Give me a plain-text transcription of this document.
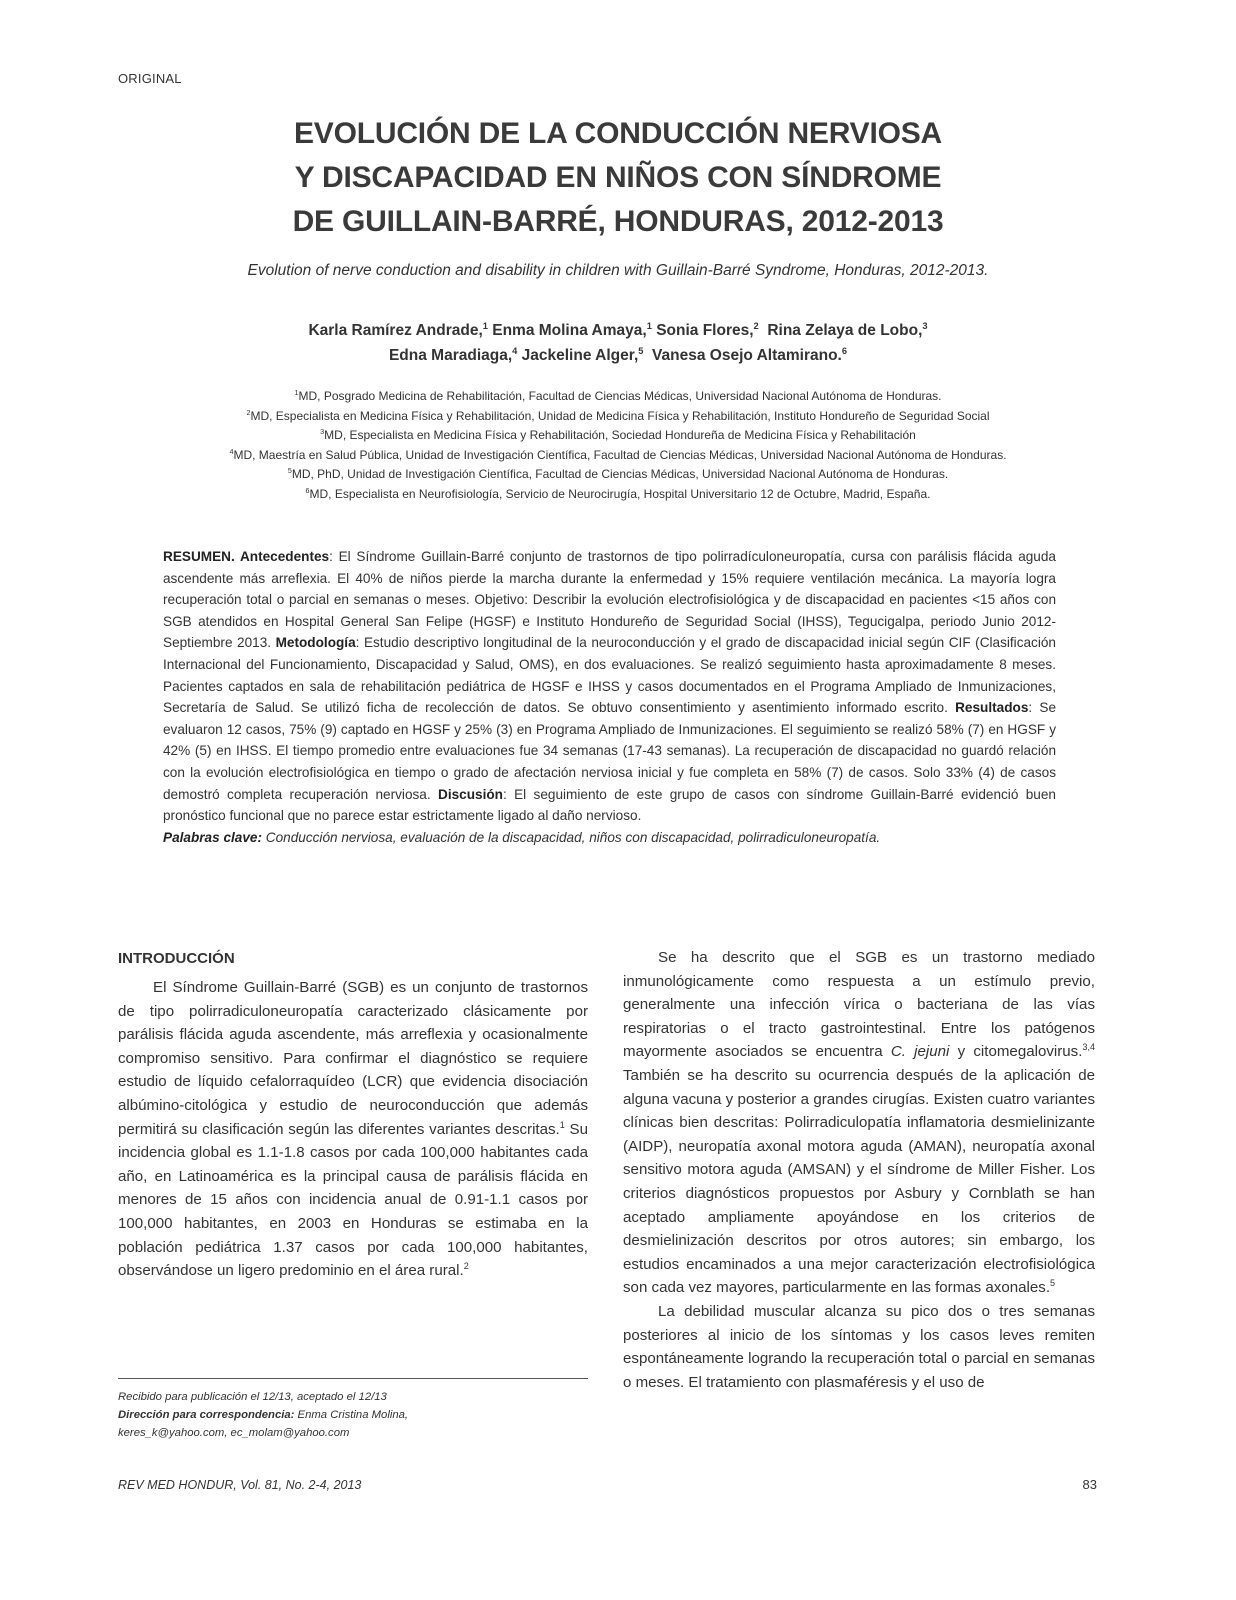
ORIGINAL
EVOLUCIÓN DE LA CONDUCCIÓN NERVIOSA
Y DISCAPACIDAD EN NIÑOS CON SÍNDROME
DE GUILLAIN-BARRÉ, HONDURAS, 2012-2013
Evolution of nerve conduction and disability in children with Guillain-Barré Syndrome, Honduras, 2012-2013.
Karla Ramírez Andrade,$^1$ Enma Molina Amaya,$^1$ Sonia Flores,$^2$ Rina Zelaya de Lobo,$^3$
Edna Maradiaga,$^4$ Jackeline Alger,$^5$ Vanesa Osejo Altamirano.$^6$
$^1$MD, Posgrado Medicina de Rehabilitación, Facultad de Ciencias Médicas, Universidad Nacional Autónoma de Honduras.
$^2$MD, Especialista en Medicina Física y Rehabilitación, Unidad de Medicina Física y Rehabilitación, Instituto Hondureño de Seguridad Social
$^3$MD, Especialista en Medicina Física y Rehabilitación, Sociedad Hondureña de Medicina Física y Rehabilitación
$^4$MD, Maestría en Salud Pública, Unidad de Investigación Científica, Facultad de Ciencias Médicas, Universidad Nacional Autónoma de Honduras.
$^5$MD, PhD, Unidad de Investigación Científica, Facultad de Ciencias Médicas, Universidad Nacional Autónoma de Honduras.
$^6$MD, Especialista en Neurofisiología, Servicio de Neurocirugía, Hospital Universitario 12 de Octubre, Madrid, España.

RESUMEN. Antecedentes: El Síndrome Guillain-Barré conjunto de trastornos de tipo polirradículoneuropatía, cursa con parálisis flácida aguda ascendente más arreflexia. El 40% de niños pierde la marcha durante la enfermedad y 15% requiere ventilación mecánica. La mayoría logra recuperación total o parcial en semanas o meses. Objetivo: Describir la evolución electrofisiológica y de discapacidad en pacientes <15 años con SGB atendidos en Hospital General San Felipe (HGSF) e Instituto Hondureño de Seguridad Social (IHSS), Tegucigalpa, periodo Junio 2012-Septiembre 2013. Metodología: Estudio descriptivo longitudinal de la neuroconducción y el grado de discapacidad inicial según CIF (Clasificación Internacional del Funcionamiento, Discapacidad y Salud, OMS), en dos evaluaciones. Se realizó seguimiento hasta aproximadamente 8 meses. Pacientes captados en sala de rehabilitación pediátrica de HGSF e IHSS y casos documentados en el Programa Ampliado de Inmunizaciones, Secretaría de Salud. Se utilizó ficha de recolección de datos. Se obtuvo consentimiento y asentimiento informado escrito. Resultados: Se evaluaron 12 casos, 75% (9) captado en HGSF y 25% (3) en Programa Ampliado de Inmunizaciones. El seguimiento se realizó 58% (7) en HGSF y 42% (5) en IHSS. El tiempo promedio entre evaluaciones fue 34 semanas (17-43 semanas). La recuperación de discapacidad no guardó relación con la evolución electrofisiológica en tiempo o grado de afectación nerviosa inicial y fue completa en 58% (7) de casos. Solo 33% (4) de casos demostró completa recuperación nerviosa. Discusión: El seguimiento de este grupo de casos con síndrome Guillain-Barré evidenció buen pronóstico funcional que no parece estar estrictamente ligado al daño nervioso.

Palabras clave: Conducción nerviosa, evaluación de la discapacidad, niños con discapacidad, polirradiculoneuropatía.

INTRODUCCIÓN

El Síndrome Guillain-Barré (SGB) es un conjunto de trastornos de tipo polirradiculoneuropatía caracterizado clásicamente por parálisis flácida aguda ascendente, más arreflexia y ocasionalmente compromiso sensitivo. Para confirmar el diagnóstico se requiere estudio de líquido cefalorraquídeo (LCR) que evidencia disociación albúmino-citológica y estudio de neuroconducción que además permitirá su clasificación según las diferentes variantes descritas.$^1$ Su incidencia global es 1.1-1.8 casos por cada 100,000 habitantes cada año, en Latinoamérica es la principal causa de parálisis flácida en menores de 15 años con incidencia anual de 0.91-1.1 casos por 100,000 habitantes, en 2003 en Honduras se estimaba en la población pediátrica 1.37 casos por cada 100,000 habitantes, observándose un ligero predominio en el área rural.$^2$

Se ha descrito que el SGB es un trastorno mediado inmunológicamente como respuesta a un estímulo previo, generalmente una infección vírica o bacteriana de las vías respiratorias o el tracto gastrointestinal. Entre los patógenos mayormente asociados se encuentra C. jejuni y citomegalovirus.$^{3,4}$ También se ha descrito su ocurrencia después de la aplicación de alguna vacuna y posterior a grandes cirugías. Existen cuatro variantes clínicas bien descritas: Polirradiculopatía inflamatoria desmielinizante (AIDP), neuropatía axonal motora aguda (AMAN), neuropatía axonal sensitivo motora aguda (AMSAN) y el síndrome de Miller Fisher. Los criterios diagnósticos propuestos por Asbury y Cornblath se han aceptado ampliamente apoyándose en los criterios de desmielinización descritos por otros autores; sin embargo, los estudios encaminados a una mejor caracterización electrofisiológica son cada vez mayores, particularmente en las formas axonales.$^5$

La debilidad muscular alcanza su pico dos o tres semanas posteriores al inicio de los síntomas y los casos leves remiten espontáneamente logrando la recuperación total o parcial en semanas o meses. El tratamiento con plasmaféresis y el uso de

Recibido para publicación el 12/13, aceptado el 12/13
Dirección para correspondencia: Enma Cristina Molina,
keres_k@yahoo.com, ec_molam@yahoo.com
REV MED HONDUR, Vol. 81, No. 2-4, 2013	83
